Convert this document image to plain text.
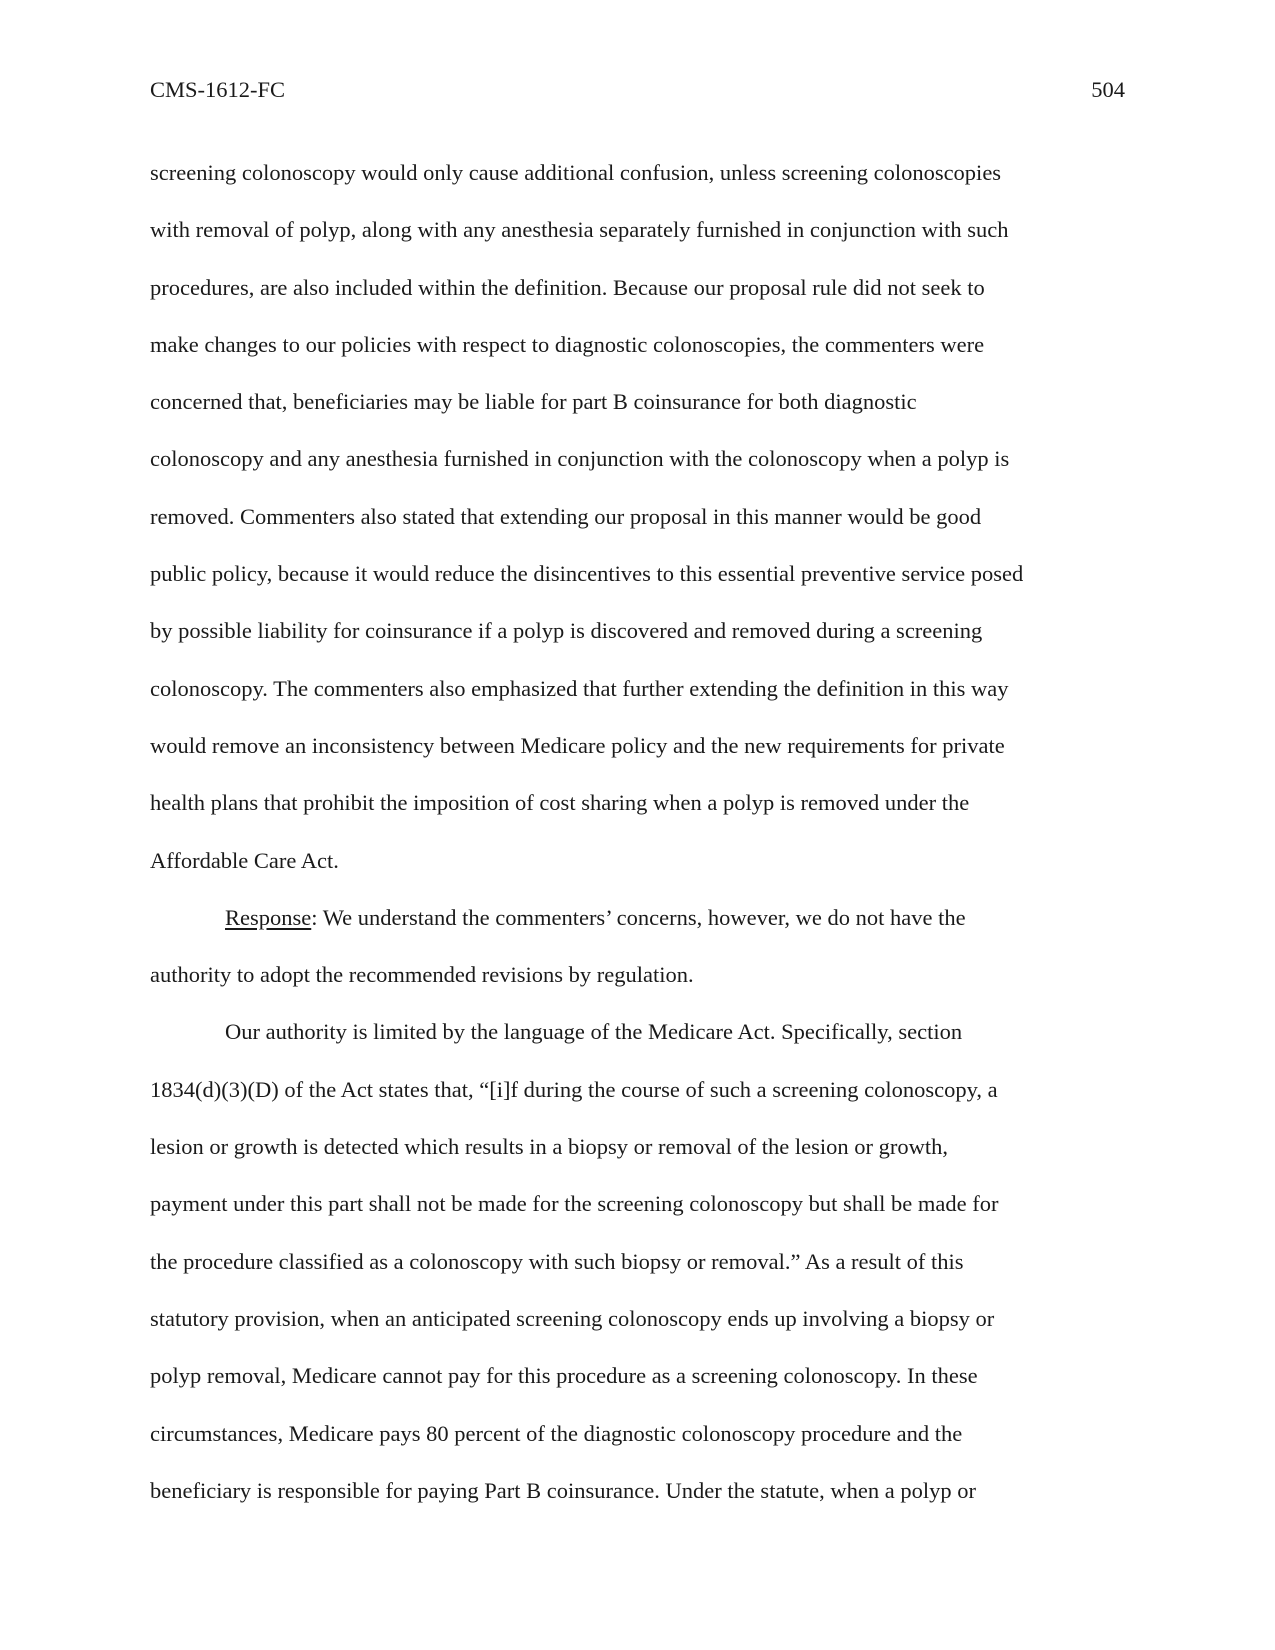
CMS-1612-FC	504
screening colonoscopy would only cause additional confusion, unless screening colonoscopies
with removal of polyp, along with any anesthesia separately furnished in conjunction with such
procedures, are also included within the definition. Because our proposal rule did not seek to
make changes to our policies with respect to diagnostic colonoscopies, the commenters were
concerned that, beneficiaries may be liable for part B coinsurance for both diagnostic
colonoscopy and any anesthesia furnished in conjunction with the colonoscopy when a polyp is
removed. Commenters also stated that extending our proposal in this manner would be good
public policy, because it would reduce the disincentives to this essential preventive service posed
by possible liability for coinsurance if a polyp is discovered and removed during a screening
colonoscopy. The commenters also emphasized that further extending the definition in this way
would remove an inconsistency between Medicare policy and the new requirements for private
health plans that prohibit the imposition of cost sharing when a polyp is removed under the
Affordable Care Act.
Response: We understand the commenters’ concerns, however, we do not have the
authority to adopt the recommended revisions by regulation.
Our authority is limited by the language of the Medicare Act. Specifically, section
1834(d)(3)(D) of the Act states that, “[i]f during the course of such a screening colonoscopy, a
lesion or growth is detected which results in a biopsy or removal of the lesion or growth,
payment under this part shall not be made for the screening colonoscopy but shall be made for
the procedure classified as a colonoscopy with such biopsy or removal.” As a result of this
statutory provision, when an anticipated screening colonoscopy ends up involving a biopsy or
polyp removal, Medicare cannot pay for this procedure as a screening colonoscopy. In these
circumstances, Medicare pays 80 percent of the diagnostic colonoscopy procedure and the
beneficiary is responsible for paying Part B coinsurance. Under the statute, when a polyp or
